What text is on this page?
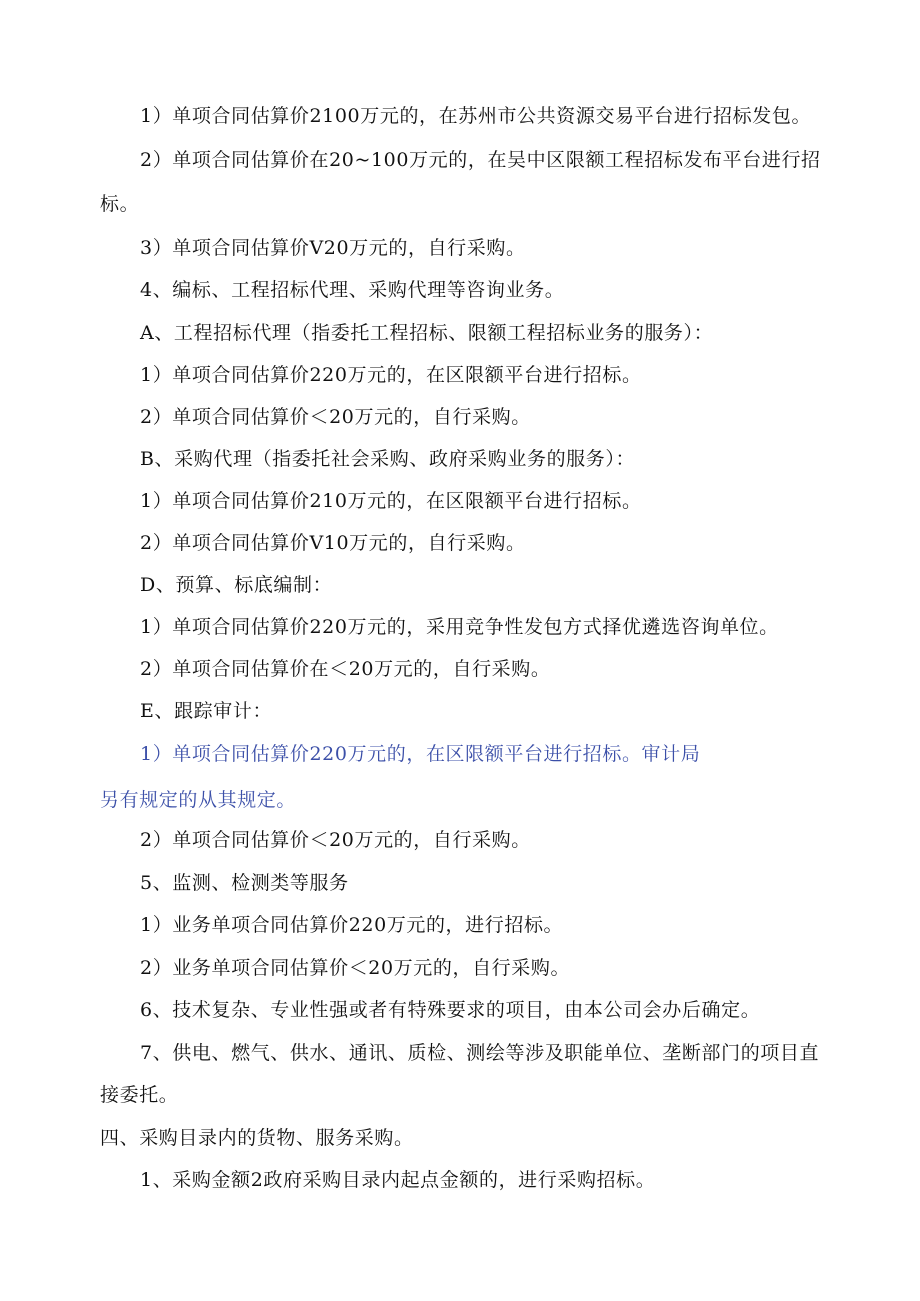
1）单项合同估算价2100万元的，在苏州市公共资源交易平台进行招标发包。
2）单项合同估算价在20~100万元的，在吴中区限额工程招标发布平台进行招
标。
3）单项合同估算价V20万元的，自行采购。
4、编标、工程招标代理、采购代理等咨询业务。
A、工程招标代理（指委托工程招标、限额工程招标业务的服务）：
1）单项合同估算价220万元的，在区限额平台进行招标。
2）单项合同估算价＜20万元的，自行采购。
B、采购代理（指委托社会采购、政府采购业务的服务）：
1）单项合同估算价210万元的，在区限额平台进行招标。
2）单项合同估算价V10万元的，自行采购。
D、预算、标底编制：
1）单项合同估算价220万元的，采用竞争性发包方式择优遴选咨询单位。
2）单项合同估算价在＜20万元的，自行采购。
E、跟踪审计：
1）单项合同估算价220万元的，在区限额平台进行招标。审计局
另有规定的从其规定。
2）单项合同估算价＜20万元的，自行采购。
5、监测、检测类等服务
1）业务单项合同估算价220万元的，进行招标。
2）业务单项合同估算价＜20万元的，自行采购。
6、技术复杂、专业性强或者有特殊要求的项目，由本公司会办后确定。
7、供电、燃气、供水、通讯、质检、测绘等涉及职能单位、垄断部门的项目直
接委托。
四、采购目录内的货物、服务采购。
1、采购金额2政府采购目录内起点金额的，进行采购招标。
